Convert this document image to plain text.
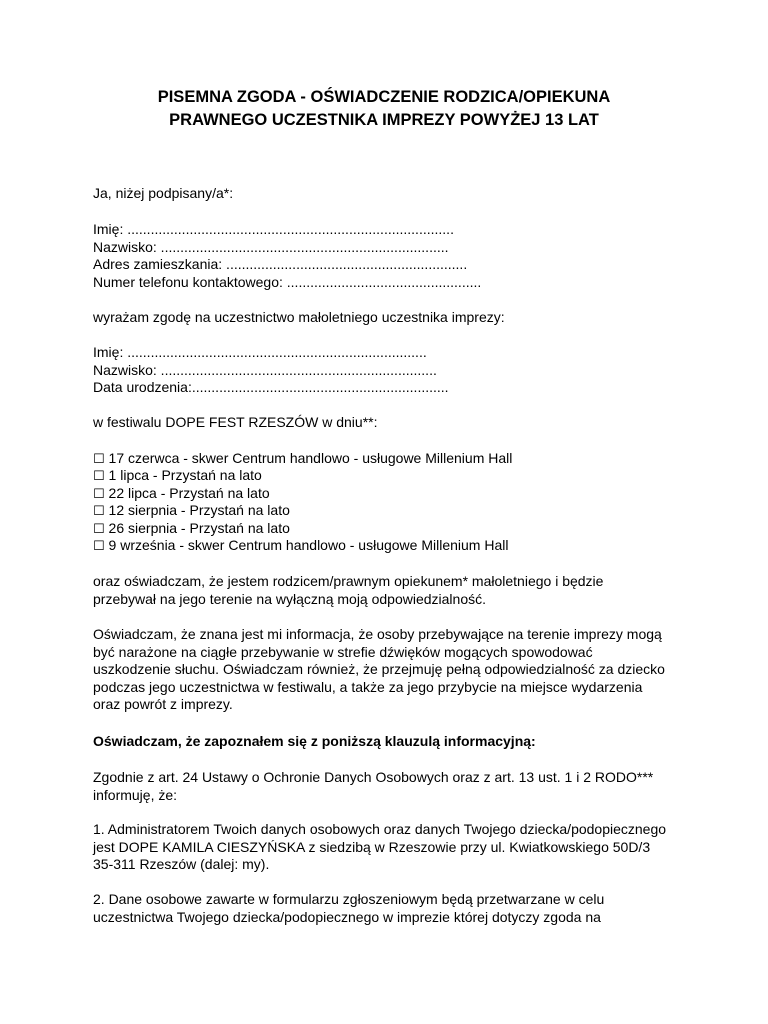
PISEMNA ZGODA - OŚWIADCZENIE RODZICA/OPIEKUNA
PRAWNEGO UCZESTNIKA IMPREZY POWYŻEJ 13 LAT
Ja, niżej podpisany/a*:
Imię: ....................................................................................
Nazwisko: ..........................................................................
Adres zamieszkania: ..............................................................
Numer telefonu kontaktowego: ..................................................
wyrażam zgodę na uczestnictwo małoletniego uczestnika imprezy:
Imię: .............................................................................
Nazwisko: .......................................................................
Data urodzenia:..................................................................
w festiwalu DOPE FEST RZESZÓW w dniu**:
☐ 17 czerwca - skwer Centrum handlowo - usługowe Millenium Hall
☐ 1 lipca - Przystań na lato
☐ 22 lipca - Przystań na lato
☐ 12 sierpnia - Przystań na lato
☐ 26 sierpnia - Przystań na lato
☐ 9 września - skwer Centrum handlowo - usługowe Millenium Hall
oraz oświadczam, że jestem rodzicem/prawnym opiekunem* małoletniego i będzie
przebywał na jego terenie na wyłączną moją odpowiedzialność.
Oświadczam, że znana jest mi informacja, że osoby przebywające na terenie imprezy mogą
być narażone na ciągłe przebywanie w strefie dźwięków mogących spowodować
uszkodzenie słuchu. Oświadczam również, że przejmuję pełną odpowiedzialność za dziecko
podczas jego uczestnictwa w festiwalu, a także za jego przybycie na miejsce wydarzenia
oraz powrót z imprezy.
Oświadczam, że zapoznałem się z poniższą klauzulą informacyjną:
Zgodnie z art. 24 Ustawy o Ochronie Danych Osobowych oraz z art. 13 ust. 1 i 2 RODO***
informuję, że:
1. Administratorem Twoich danych osobowych oraz danych Twojego dziecka/podopiecznego
jest DOPE KAMILA CIESZYŃSKA z siedzibą w Rzeszowie przy ul. Kwiatkowskiego 50D/3
35-311 Rzeszów (dalej: my).
2. Dane osobowe zawarte w formularzu zgłoszeniowym będą przetwarzane w celu
uczestnictwa Twojego dziecka/podopiecznego w imprezie której dotyczy zgoda na
